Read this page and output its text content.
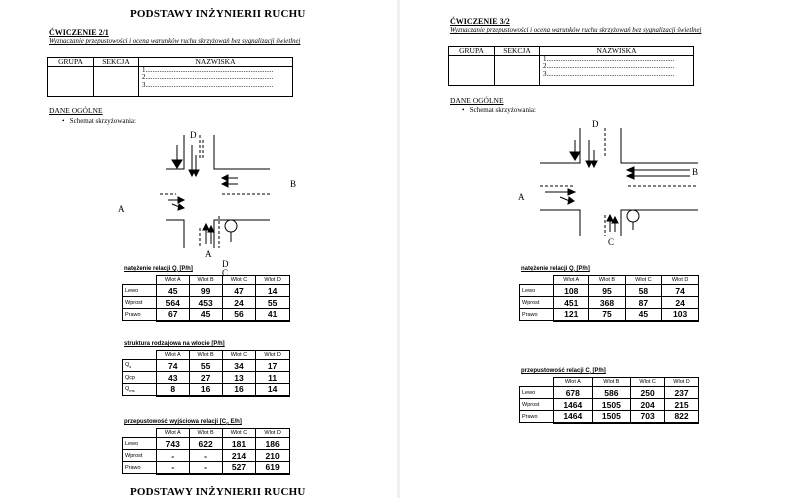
PODSTAWY INŻYNIERII RUCHU
ĆWICZENIE 2/1
Wyznaczanie przepustowości i ocena warunków ruchu skrzyżowań bez sygnalizacji świetlnej
GRUPA	SEKCJA	NAZWISKA

		1.........................................................................
2.........................................................................
3.........................................................................
DANE OGÓLNE
•   Schemat skrzyżowania:
D
B
A
A
D
C
natężenie relacji $Q_i$ [P/h]
	Wlot A	Wlot B	Wlot C	Wlot D
Lewo	45	99	47	14
Wprost	564	453	24	55
Prawo	67	45	56	41
struktura rodzajowa na wlocie [P/h]
	Wlot A	Wlot B	Wlot C	Wlot D
$Q_s$	74	55	34	17
Qcp	43	27	13	11
$Q_{ms}$	8	16	16	14
przepustowość wyjściowa relacji [$C_i$, E/h]
	Wlot A	Wlot B	Wlot C	Wlot D
Lewo	743	622	181	186
Wprost	-	-	214	210
Prawo	-	-	527	619
PODSTAWY INŻYNIERII RUCHU
ĆWICZENIE 3/2
Wyznaczanie przepustowości i ocena warunków ruchu skrzyżowań bez sygnalizacji świetlnej
GRUPA	SEKCJA	NAZWISKA

		1.........................................................................
2.........................................................................
3.........................................................................
DANE OGÓLNE
•   Schemat skrzyżowania:
D
B
A
C
natężenie relacji $Q_i$ [P/h]
	Wlot A	Wlot B	Wlot C	Wlot D
Lewo	108	95	58	74
Wprost	451	368	87	24
Prawo	121	75	45	103
przepustowość relacji $C_i$ [P/h]
	Wlot A	Wlot B	Wlot C	Wlot D
Lewo	678	586	250	237
Wprost	1464	1505	204	215
Prawo	1464	1505	703	822
